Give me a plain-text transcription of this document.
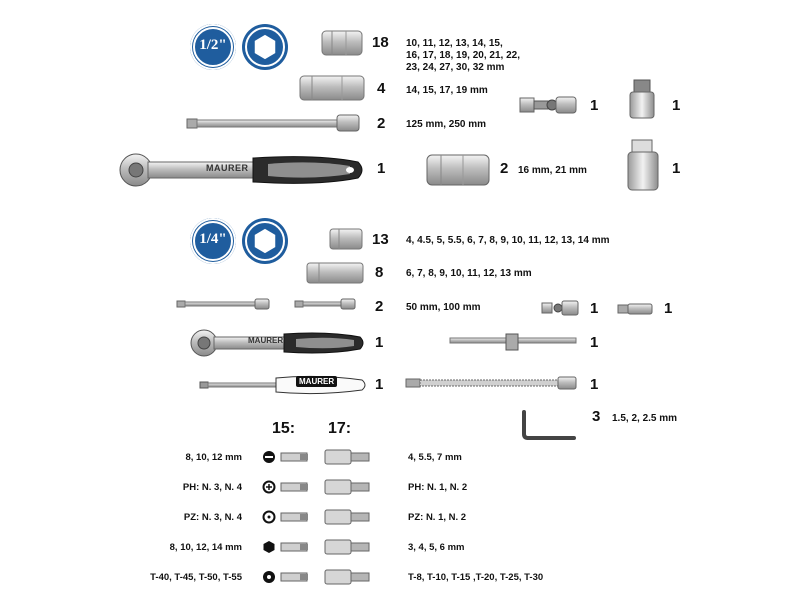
1/2"	18 10, 11, 12, 13, 14, 15,
16, 17, 18, 19, 20, 21, 22,
23, 24, 27, 30, 32 mm
4 14, 15, 17, 19 mm
2 125 mm, 250 mm
MAURER	1
1	1
2 16 mm, 21 mm	1
1/4"	13 4, 4.5, 5, 5.5, 6, 7, 8, 9, 10, 11, 12, 13, 14 mm
8 6, 7, 8, 9, 10, 11, 12, 13 mm
2 50 mm, 100 mm
MAURER	1
MAURER	1
1	1
1
1
3 1.5, 2, 2.5 mm
15: 17:
8, 10, 12 mm	4, 5.5, 7 mm
PH: N. 3, N. 4	PH: N. 1, N. 2
PZ: N. 3, N. 4	PZ: N. 1, N. 2
8, 10, 12, 14 mm	3, 4, 5, 6 mm
T-40, T-45, T-50, T-55	T-8, T-10, T-15 ,T-20, T-25, T-30
